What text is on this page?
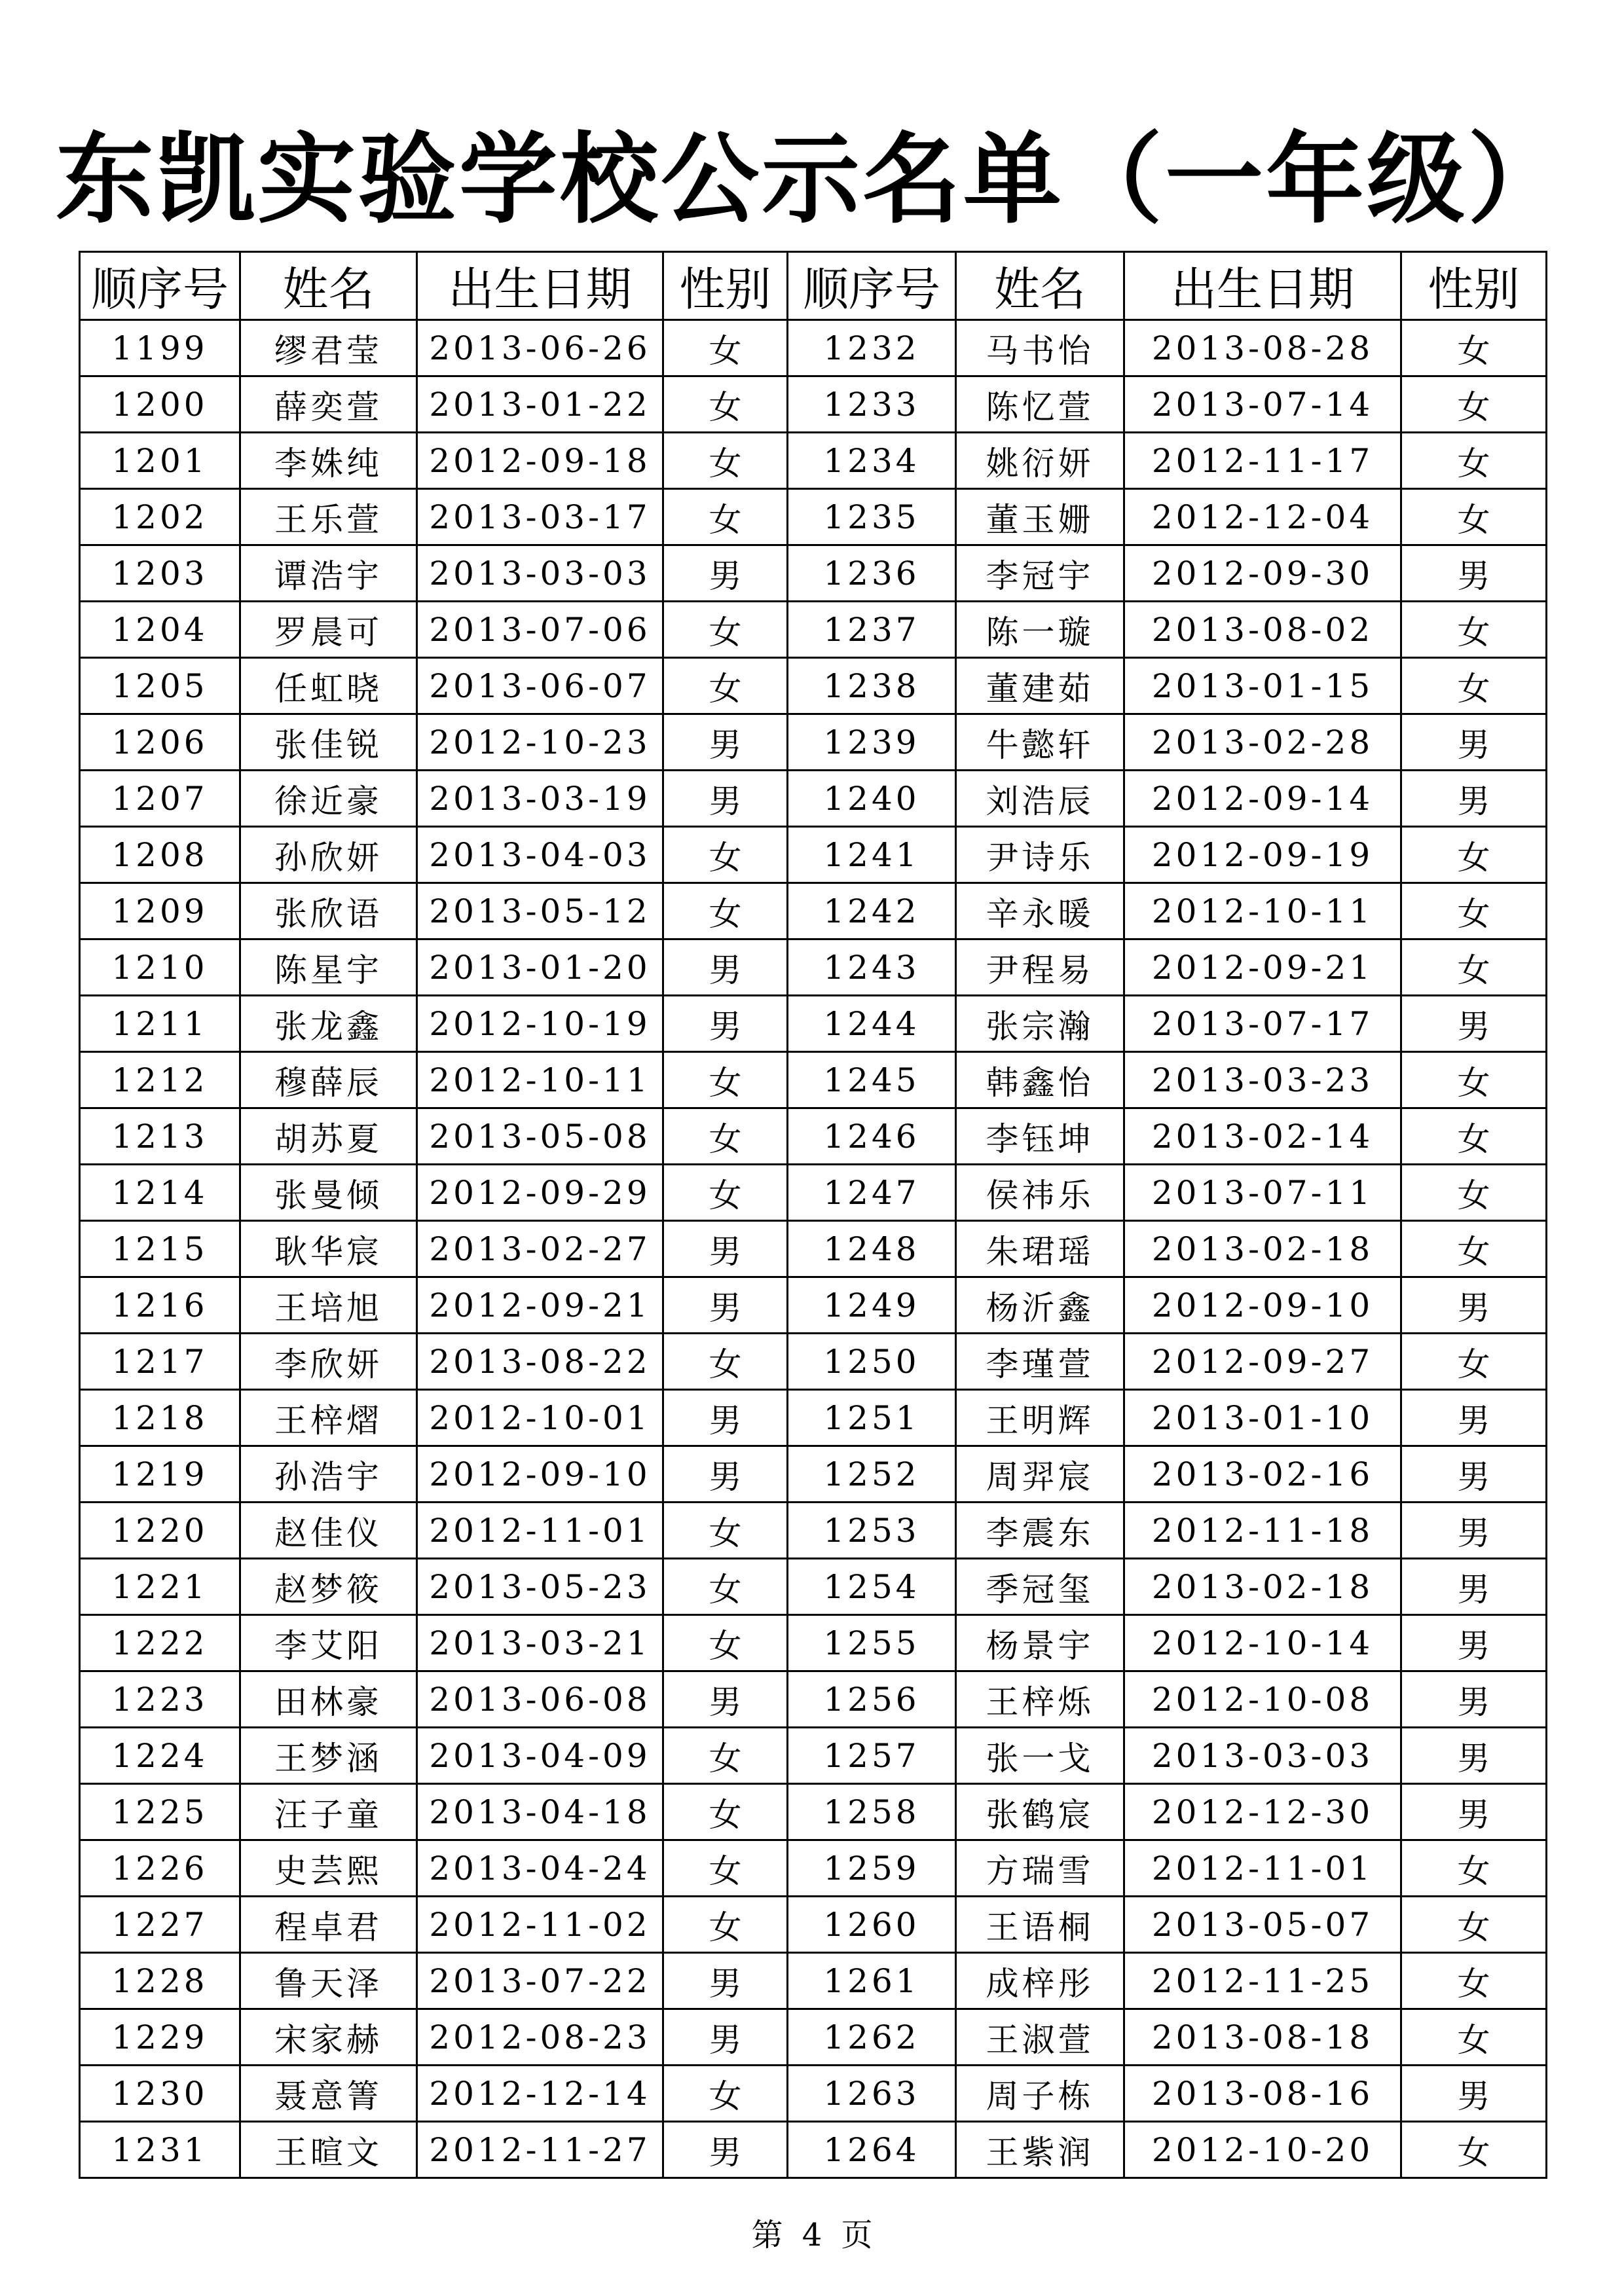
东凯实验学校公示名单（一年级）
顺序号	姓名	出生日期	性别	顺序号	姓名	出生日期	性别
1199	缪君莹	2013-06-26	女	1232	马书怡	2013-08-28	女
1200	薛奕萱	2013-01-22	女	1233	陈忆萱	2013-07-14	女
1201	李姝纯	2012-09-18	女	1234	姚衍妍	2012-11-17	女
1202	王乐萱	2013-03-17	女	1235	董玉姗	2012-12-04	女
1203	谭浩宇	2013-03-03	男	1236	李冠宇	2012-09-30	男
1204	罗晨可	2013-07-06	女	1237	陈一璇	2013-08-02	女
1205	任虹晓	2013-06-07	女	1238	董建茹	2013-01-15	女
1206	张佳锐	2012-10-23	男	1239	牛懿轩	2013-02-28	男
1207	徐近豪	2013-03-19	男	1240	刘浩辰	2012-09-14	男
1208	孙欣妍	2013-04-03	女	1241	尹诗乐	2012-09-19	女
1209	张欣语	2013-05-12	女	1242	辛永暖	2012-10-11	女
1210	陈星宇	2013-01-20	男	1243	尹程易	2012-09-21	女
1211	张龙鑫	2012-10-19	男	1244	张宗瀚	2013-07-17	男
1212	穆薛辰	2012-10-11	女	1245	韩鑫怡	2013-03-23	女
1213	胡苏夏	2013-05-08	女	1246	李钰坤	2013-02-14	女
1214	张曼倾	2012-09-29	女	1247	侯祎乐	2013-07-11	女
1215	耿华宸	2013-02-27	男	1248	朱珺瑶	2013-02-18	女
1216	王培旭	2012-09-21	男	1249	杨沂鑫	2012-09-10	男
1217	李欣妍	2013-08-22	女	1250	李瑾萱	2012-09-27	女
1218	王梓熠	2012-10-01	男	1251	王明辉	2013-01-10	男
1219	孙浩宇	2012-09-10	男	1252	周羿宸	2013-02-16	男
1220	赵佳仪	2012-11-01	女	1253	李震东	2012-11-18	男
1221	赵梦筱	2013-05-23	女	1254	季冠玺	2013-02-18	男
1222	李艾阳	2013-03-21	女	1255	杨景宇	2012-10-14	男
1223	田林豪	2013-06-08	男	1256	王梓烁	2012-10-08	男
1224	王梦涵	2013-04-09	女	1257	张一戈	2013-03-03	男
1225	汪子童	2013-04-18	女	1258	张鹤宸	2012-12-30	男
1226	史芸熙	2013-04-24	女	1259	方瑞雪	2012-11-01	女
1227	程卓君	2012-11-02	女	1260	王语桐	2013-05-07	女
1228	鲁天泽	2013-07-22	男	1261	成梓彤	2012-11-25	女
1229	宋家赫	2012-08-23	男	1262	王淑萱	2013-08-18	女
1230	聂意箐	2012-12-14	女	1263	周子栋	2013-08-16	男
1231	王暄文	2012-11-27	男	1264	王紫润	2012-10-20	女
第 4 页
